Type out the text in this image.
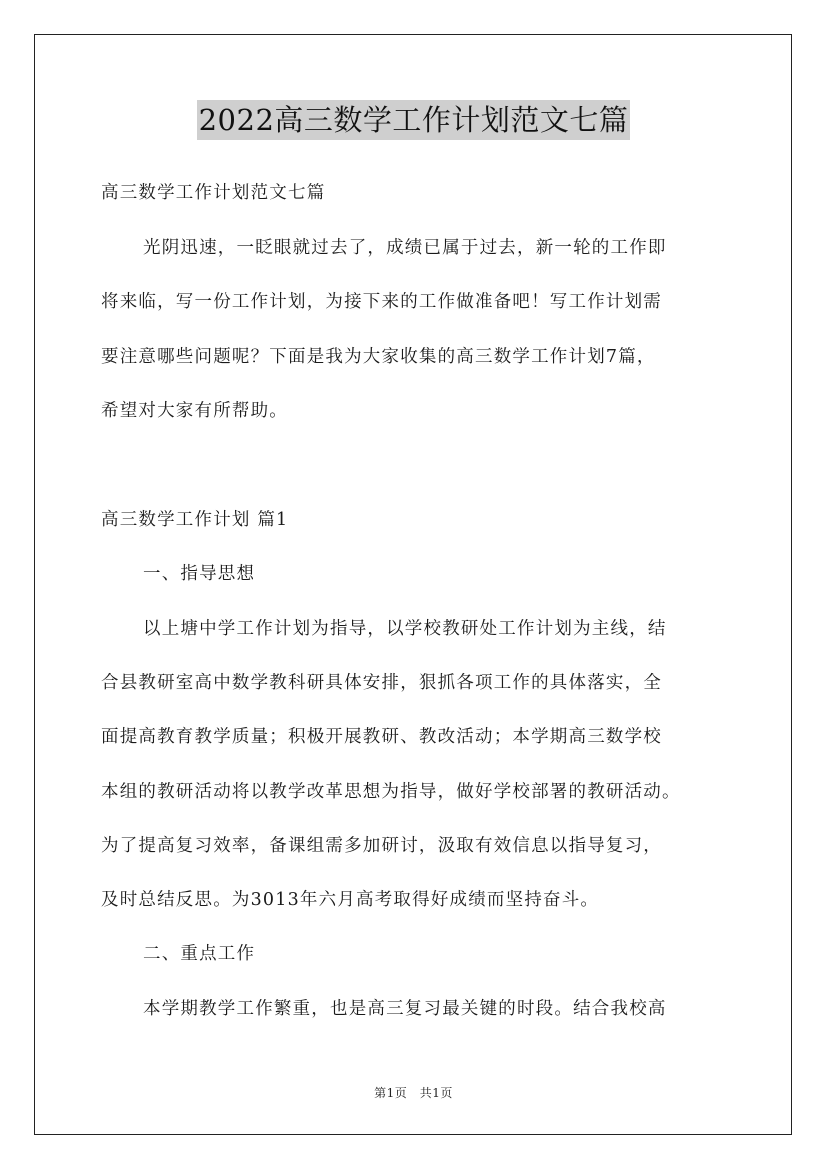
2022高三数学工作计划范文七篇
高三数学工作计划范文七篇
光阴迅速，一眨眼就过去了，成绩已属于过去，新一轮的工作即
将来临，写一份工作计划，为接下来的工作做准备吧！写工作计划需
要注意哪些问题呢？下面是我为大家收集的高三数学工作计划7篇，
希望对大家有所帮助。
高三数学工作计划 篇1
一、指导思想
以上塘中学工作计划为指导，以学校教研处工作计划为主线，结
合县教研室高中数学教科研具体安排，狠抓各项工作的具体落实，全
面提高教育教学质量；积极开展教研、教改活动；本学期高三数学校
本组的教研活动将以教学改革思想为指导，做好学校部署的教研活动。
为了提高复习效率，备课组需多加研讨，汲取有效信息以指导复习，
及时总结反思。为3013年六月高考取得好成绩而坚持奋斗。
二、重点工作
本学期教学工作繁重，也是高三复习最关键的时段。结合我校高
第1页　共1页
